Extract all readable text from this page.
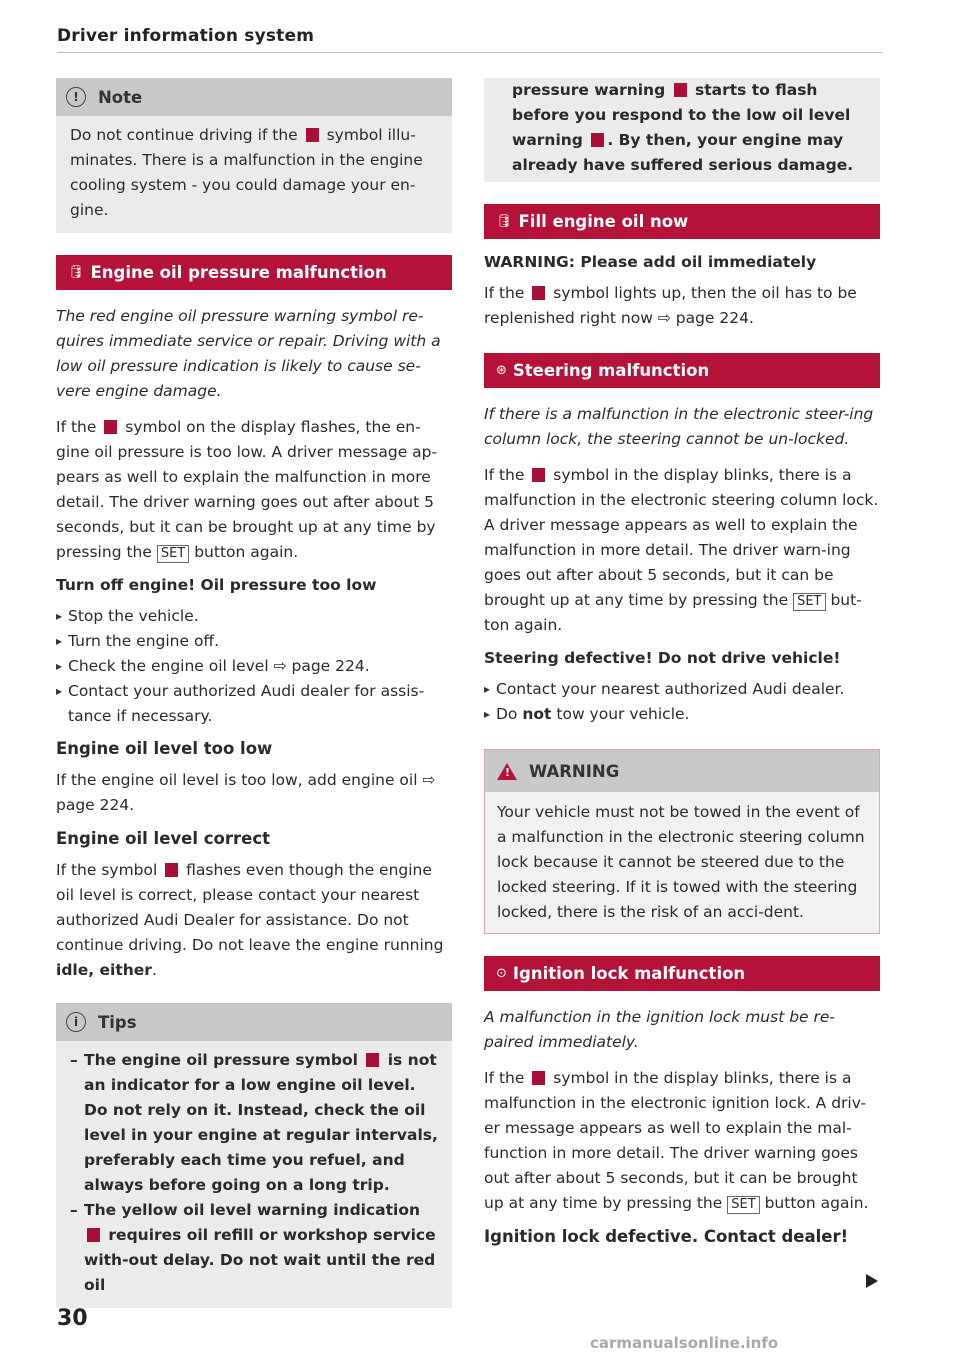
Driver information system
!	Note
Do not continue driving if the symbol illu-minates. There is a malfunction in the engine cooling system - you could damage your en-gine.
🛢 Engine oil pressure malfunction

The red engine oil pressure warning symbol re-quires immediate service or repair. Driving with a low oil pressure indication is likely to cause se-vere engine damage.

If the symbol on the display flashes, the en-gine oil pressure is too low. A driver message ap-pears as well to explain the malfunction in more detail. The driver warning goes out after about 5 seconds, but it can be brought up at any time by pressing the SET button again.

Turn off engine! Oil pressure too low
▸ Stop the vehicle.
▸ Turn the engine off.
▸ Check the engine oil level ⇨ page 224.
▸ Contact your authorized Audi dealer for assis-tance if necessary.
Engine oil level too low

If the engine oil level is too low, add engine oil ⇨ page 224.

Engine oil level correct

If the symbol flashes even though the engine oil level is correct, please contact your nearest authorized Audi Dealer for assistance. Do not continue driving. Do not leave the engine running idle, either.

i	Tips
– The engine oil pressure symbol is not an indicator for a low engine oil level. Do not rely on it. Instead, check the oil level in your engine at regular intervals, preferably each time you refuel, and always before going on a long trip.
– The yellow oil level warning indication  requires oil refill or workshop service with-out delay. Do not wait until the red oil
pressure warning starts to flash before you respond to the low oil level warning . By then, your engine may already have suffered serious damage.
🛢 Fill engine oil now
WARNING: Please add oil immediately

If the symbol lights up, then the oil has to be replenished right now ⇨ page 224.

⊛ Steering malfunction

If there is a malfunction in the electronic steer-ing column lock, the steering cannot be un-locked.

If the symbol in the display blinks, there is a malfunction in the electronic steering column lock. A driver message appears as well to explain the malfunction in more detail. The driver warn-ing goes out after about 5 seconds, but it can be brought up at any time by pressing the SET but-ton again.

Steering defective! Do not drive vehicle!
▸ Contact your nearest authorized Audi dealer.
▸ Do not tow your vehicle.
!
WARNING
Your vehicle must not be towed in the event of a malfunction in the electronic steering column lock because it cannot be steered due to the locked steering. If it is towed with the steering locked, there is the risk of an acci-dent.
⊙ Ignition lock malfunction

A malfunction in the ignition lock must be re-paired immediately.

If the symbol in the display blinks, there is a malfunction in the electronic ignition lock. A driv-er message appears as well to explain the mal-function in more detail. The driver warning goes out after about 5 seconds, but it can be brought up at any time by pressing the SET button again.

Ignition lock defective. Contact dealer!
30
carmanualsonline.info
